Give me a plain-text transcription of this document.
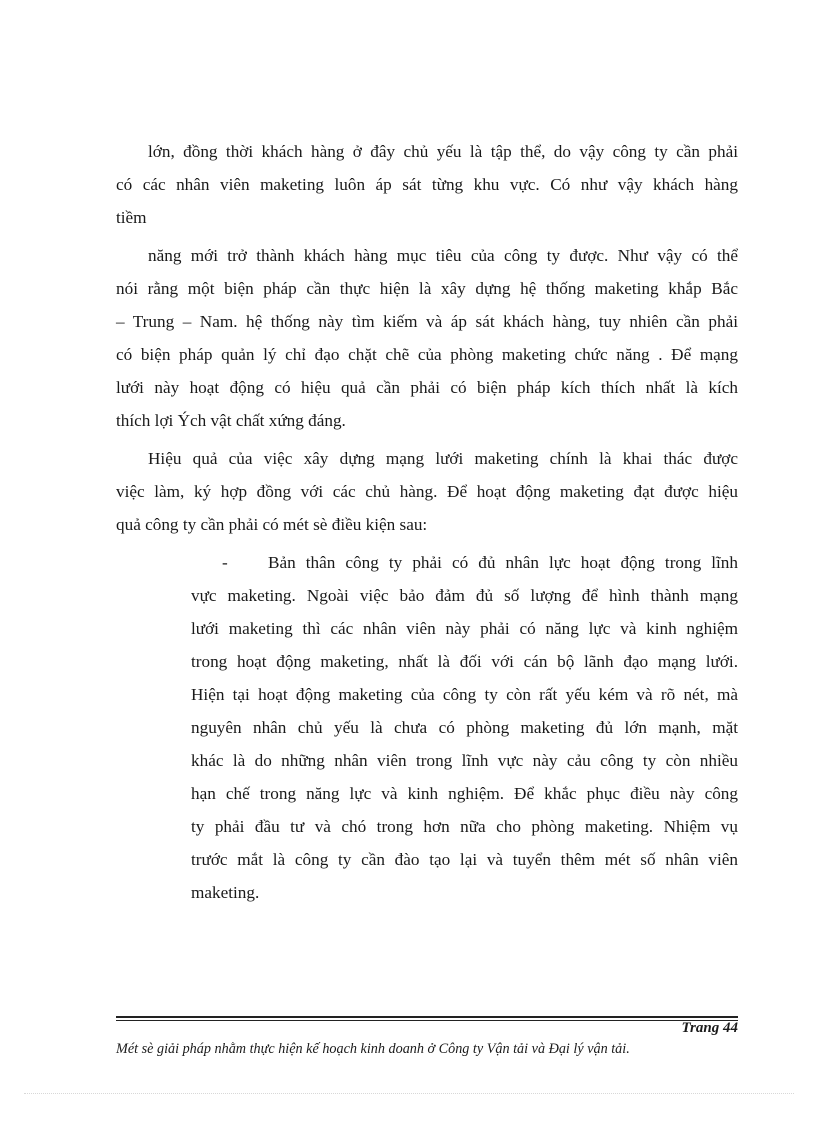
lớn, đồng thời khách hàng ở đây chủ yếu là tập thể, do vậy công ty cần phải
có các nhân viên maketing luôn áp sát từng khu vực. Có như vậy khách hàng
tiềm
năng mới trở thành khách hàng mục tiêu của công ty được. Như vậy có thể
nói rằng một biện pháp cần thực hiện là xây dựng hệ thống maketing khắp Bắc
– Trung – Nam. hệ thống này tìm kiếm và áp sát khách hàng, tuy nhiên cần phải
có biện pháp quản lý chỉ đạo chặt chẽ của phòng maketing chức năng . Để mạng
lưới này hoạt động có hiệu quả cần phải có biện pháp kích thích nhất là kích
thích lợi Ých vật chất xứng đáng.
Hiệu quả của việc xây dựng mạng lưới maketing chính là khai thác được
việc làm, ký hợp đồng với các chủ hàng. Để hoạt động maketing đạt được hiệu
quả công ty cần phải có mét sè điều kiện sau:
- Bản thân công ty phải có đủ nhân lực hoạt động trong lĩnh
vực maketing. Ngoài việc bảo đảm đủ số lượng để hình thành mạng
lưới maketing thì các nhân viên này phải có năng lực và kinh nghiệm
trong hoạt động maketing, nhất là đối với cán bộ lãnh đạo mạng lưới.
Hiện tại hoạt động maketing của công ty còn rất yếu kém và rõ nét, mà
nguyên nhân chủ yếu là chưa có phòng maketing đủ lớn mạnh, mặt
khác là do những nhân viên trong lĩnh vực này cảu công ty còn nhiều
hạn chế trong năng lực và kinh nghiệm. Để khắc phục điều này công
ty phải đầu tư và chó trong hơn nữa cho phòng maketing. Nhiệm vụ
trước mắt là công ty cần đào tạo lại và tuyển thêm mét số nhân viên
maketing.
Trang 44
Mét sè giải pháp nhằm thực hiện kế hoạch kinh doanh ở Công ty Vận tải và Đại lý vận tải.
